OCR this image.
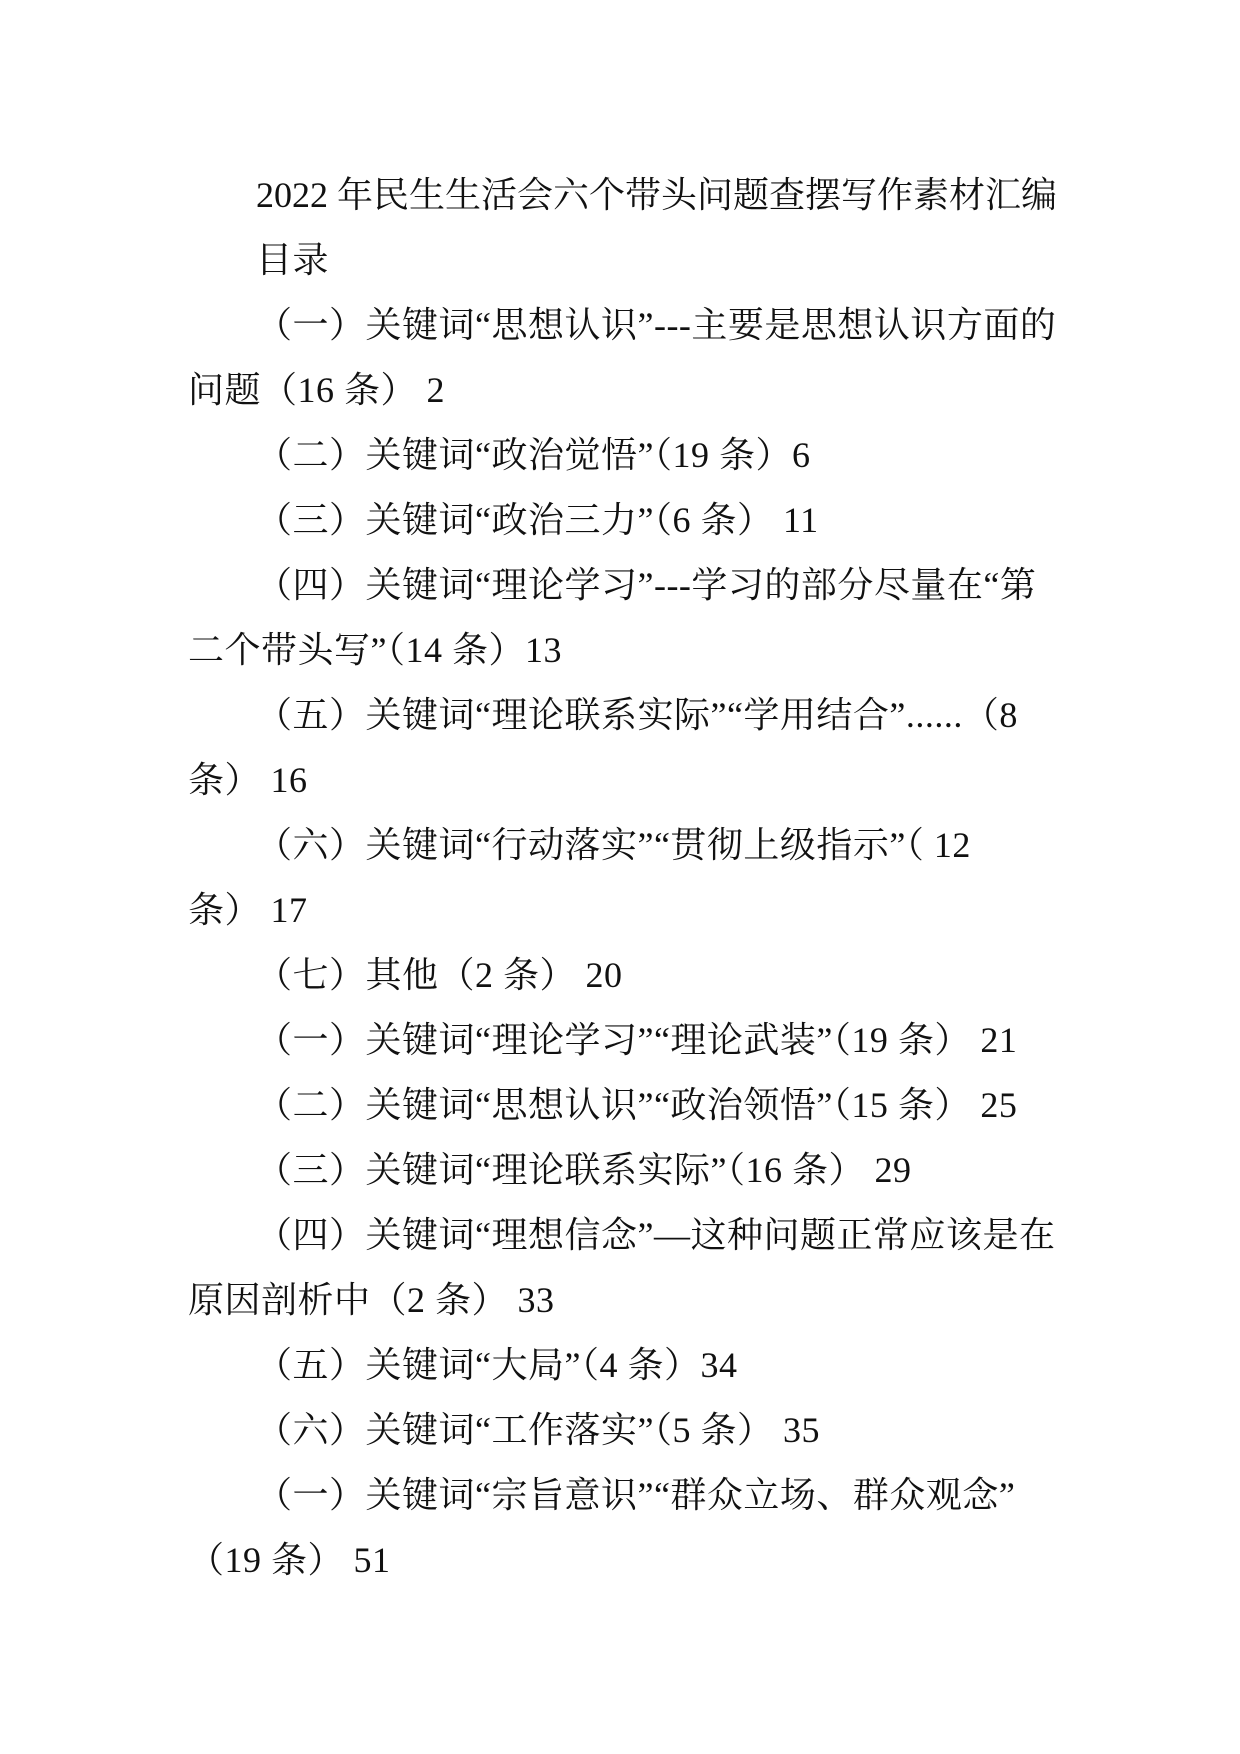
2022 年民生生活会六个带头问题查摆写作素材汇编
目录
（一）关键词“思想认识”---主要是思想认识方面的
问题（16 条） 2
（二）关键词“政治觉悟”（19 条）6
（三）关键词“政治三力”（6 条） 11
（四）关键词“理论学习”---学习的部分尽量在“第
二个带头写”（14 条）13
（五）关键词“理论联系实际”“学用结合”......（8
条） 16
（六）关键词“行动落实”“贯彻上级指示”（ 12
条） 17
（七）其他（2 条） 20
（一）关键词“理论学习”“理论武装”（19 条） 21
（二）关键词“思想认识”“政治领悟”（15 条） 25
（三）关键词“理论联系实际”（16 条） 29
（四）关键词“理想信念”—这种问题正常应该是在
原因剖析中（2 条） 33
（五）关键词“大局”（4 条）34
（六）关键词“工作落实”（5 条） 35
（一）关键词“宗旨意识”“群众立场、群众观念”
（19 条） 51
